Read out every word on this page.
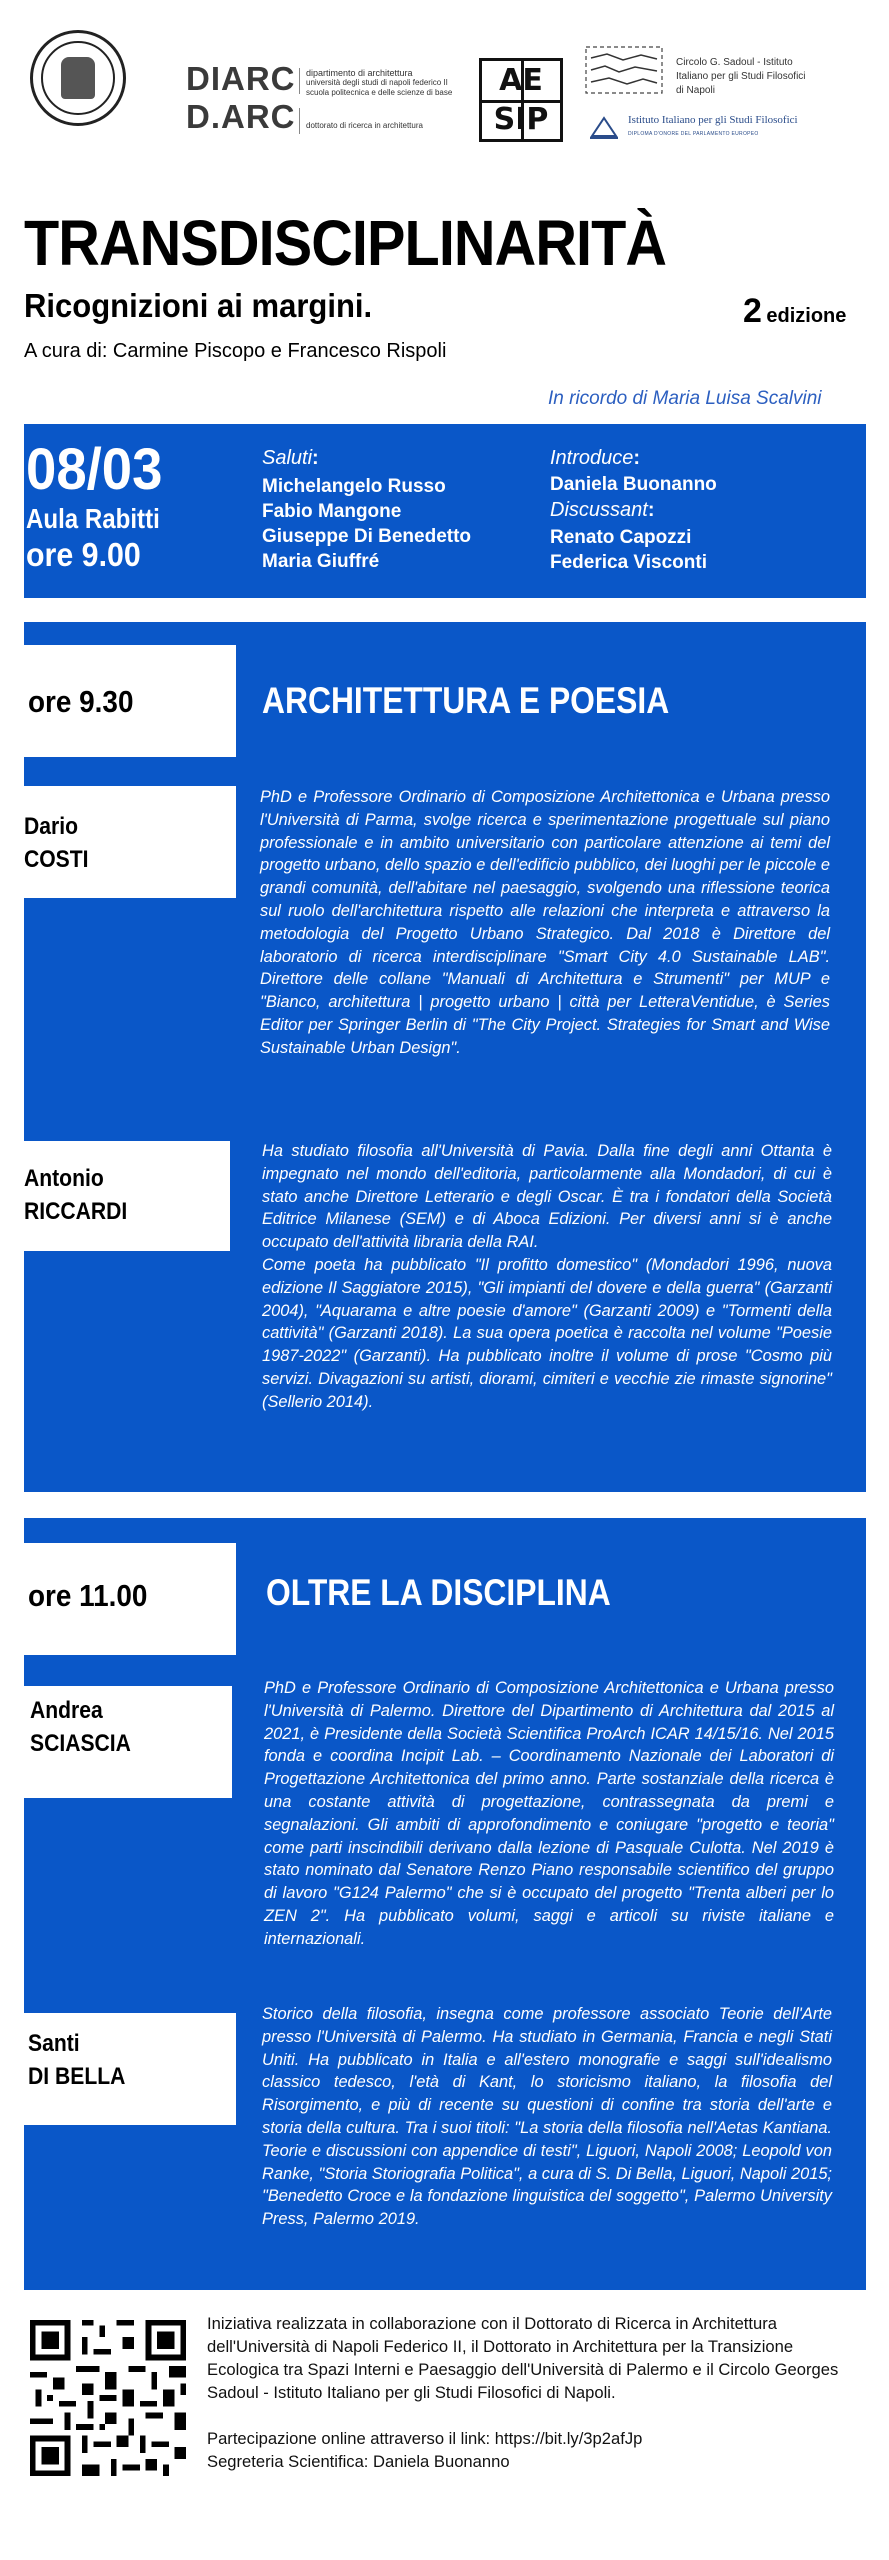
DIARC
D.ARC
dipartimento di architettura
università degli studi di napoli federico II
scuola politecnica e delle scienze di base
dottorato di ricerca in architettura
AE
SIP
Circolo G. Sadoul - Istituto
Italiano per gli Studi Filosofici
di Napoli
Istituto Italiano per gli Studi Filosofici
DIPLOMA D'ONORE DEL PARLAMENTO EUROPEO
TRANSDISCIPLINARITÀ
Ricognizioni ai margini.	2 edizione
A cura di: Carmine Piscopo e Francesco Rispoli
In ricordo di Maria Luisa Scalvini
08/03
Aula Rabitti
ore 9.00
Saluti:
Michelangelo Russo
Fabio Mangone
Giuseppe Di Benedetto
Maria Giuffré
Introduce:
Daniela Buonanno
Discussant:
Renato Capozzi
Federica Visconti
ore 9.30	ARCHITETTURA E POESIA
Dario
COSTI
PhD e Professore Ordinario di Composizione Architettonica e Urbana presso l'Università di Parma, svolge ricerca e sperimentazione progettuale sul piano professionale e in ambito universitario con particolare attenzione ai temi del progetto urbano, dello spazio e dell'edificio pubblico, dei luoghi per le piccole e grandi comunità, dell'abitare nel paesaggio, svolgendo una riflessione teorica sul ruolo dell'architettura rispetto alle relazioni che interpreta e attraverso la metodologia del Progetto Urbano Strategico. Dal 2018 è Direttore del laboratorio di ricerca interdisciplinare "Smart City 4.0 Sustainable LAB". Direttore delle collane "Manuali di Architettura e Strumenti" per MUP e "Bianco, architettura | progetto urbano | città per LetteraVentidue, è Series Editor per Springer Berlin di "The City Project. Strategies for Smart and Wise Sustainable Urban Design".
Antonio
RICCARDI
Ha studiato filosofia all'Università di Pavia. Dalla fine degli anni Ottanta è impegnato nel mondo dell'editoria, particolarmente alla Mondadori, di cui è stato anche Direttore Letterario e degli Oscar. È tra i fondatori della Società Editrice Milanese (SEM) e di Aboca Edizioni. Per diversi anni si è anche occupato dell'attività libraria della RAI.
Come poeta ha pubblicato "Il profitto domestico" (Mondadori 1996, nuova edizione Il Saggiatore 2015), "Gli impianti del dovere e della guerra" (Garzanti 2004), "Aquarama e altre poesie d'amore" (Garzanti 2009) e "Tormenti della cattività" (Garzanti 2018). La sua opera poetica è raccolta nel volume "Poesie 1987-2022" (Garzanti). Ha pubblicato inoltre il volume di prose "Cosmo più servizi. Divagazioni su artisti, diorami, cimiteri e vecchie zie rimaste signorine" (Sellerio 2014).
ore 11.00	OLTRE LA DISCIPLINA
Andrea
SCIASCIA
PhD e Professore Ordinario di Composizione Architettonica e Urbana presso l'Università di Palermo. Direttore del Dipartimento di Architettura dal 2015 al 2021, è Presidente della Società Scientifica ProArch ICAR 14/15/16. Nel 2015 fonda e coordina Incipit Lab. – Coordinamento Nazionale dei Laboratori di Progettazione Architettonica del primo anno. Parte sostanziale della ricerca è una costante attività di progettazione, contrassegnata da premi e segnalazioni. Gli ambiti di approfondimento e coniugare "progetto e teoria" come parti inscindibili derivano dalla lezione di Pasquale Culotta. Nel 2019 è stato nominato dal Senatore Renzo Piano responsabile scientifico del gruppo di lavoro "G124 Palermo" che si è occupato del progetto "Trenta alberi per lo ZEN 2". Ha pubblicato volumi, saggi e articoli su riviste italiane e internazionali.
Santi
DI BELLA
Storico della filosofia, insegna come professore associato Teorie dell'Arte presso l'Università di Palermo. Ha studiato in Germania, Francia e negli Stati Uniti. Ha pubblicato in Italia e all'estero monografie e saggi sull'idealismo classico tedesco, l'età di Kant, lo storicismo italiano, la filosofia del Risorgimento, e più di recente su questioni di confine tra storia dell'arte e storia della cultura. Tra i suoi titoli: "La storia della filosofia nell'Aetas Kantiana. Teorie e discussioni con appendice di testi", Liguori, Napoli 2008; Leopold von Ranke, "Storia Storiografia Politica", a cura di S. Di Bella, Liguori, Napoli 2015; "Benedetto Croce e la fondazione linguistica del soggetto", Palermo University Press, Palermo 2019.

Iniziativa realizzata in collaborazione con il Dottorato di Ricerca in Architettura dell'Università di Napoli Federico II, il Dottorato in Architettura per la Transizione Ecologica tra Spazi Interni e Paesaggio dell'Università di Palermo e il Circolo Georges Sadoul - Istituto Italiano per gli Studi Filosofici di Napoli.

Partecipazione online attraverso il link: https://bit.ly/3p2afJp

Segreteria Scientifica: Daniela Buonanno
